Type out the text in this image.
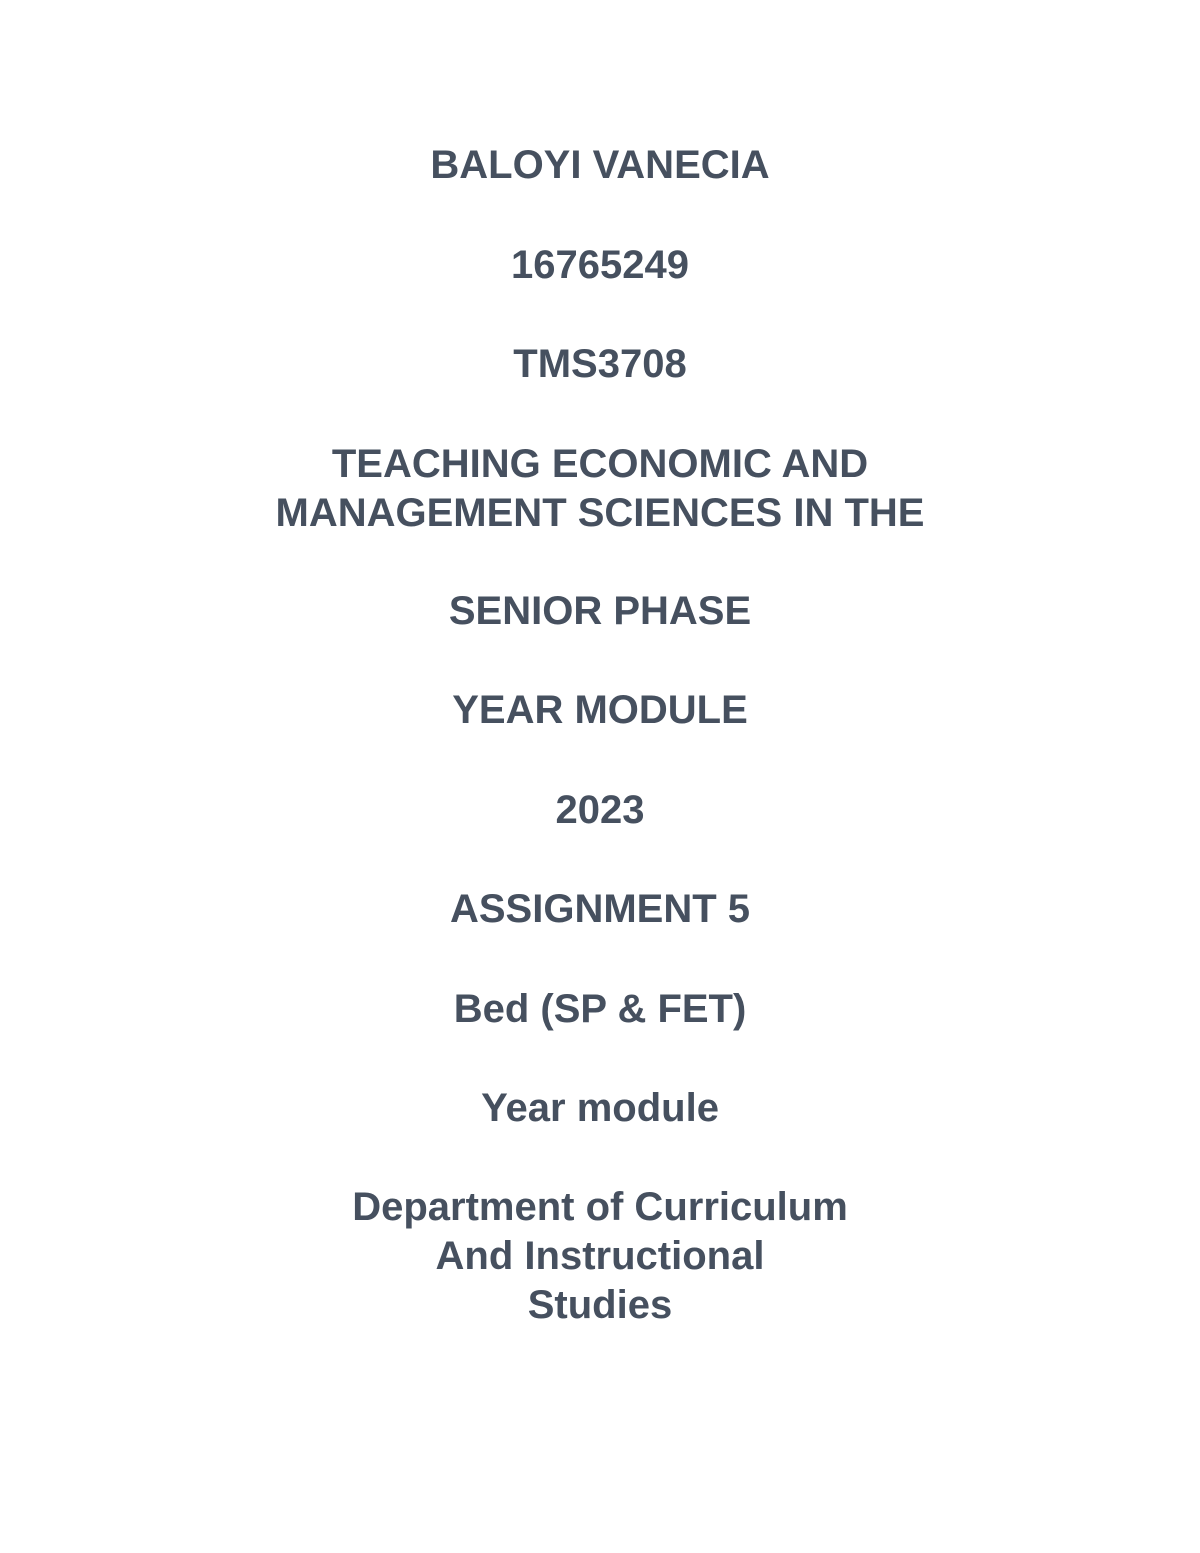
BALOYI VANECIA
16765249
TMS3708
TEACHING ECONOMIC AND
MANAGEMENT SCIENCES IN THE
SENIOR PHASE
YEAR MODULE
2023
ASSIGNMENT 5
Bed (SP & FET)
Year module
Department of Curriculum
And Instructional
Studies
